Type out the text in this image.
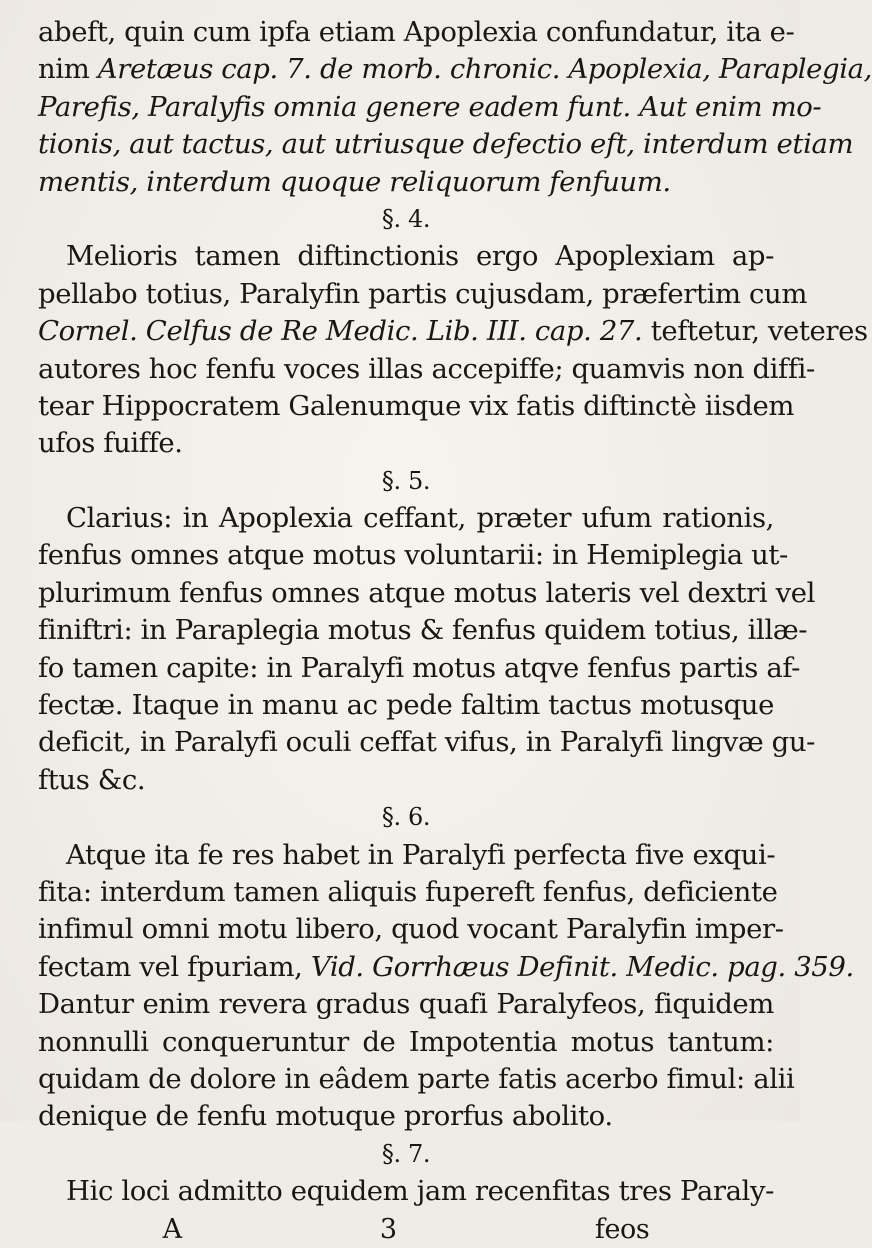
abeft, quin cum ipfa etiam Apoplexia confundatur, ita e-
nim Aretæus cap. 7. de morb. chronic. Apoplexia, Paraplegia,
Parefis, Paralyfis omnia genere eadem funt. Aut enim mo-
tionis, aut tactus, aut utriusque defectio eft, interdum etiam
mentis, interdum quoque reliquorum fenfuum.
§. 4.
Melioris tamen diftinctionis ergo Apoplexiam ap-
pellabo totius, Paralyfin partis cujusdam, præfertim cum
Cornel. Celfus de Re Medic. Lib. III. cap. 27. teftetur, veteres
autores hoc fenfu voces illas accepiffe; quamvis non diffi-
tear Hippocratem Galenumque vix fatis diftinctè iisdem
ufos fuiffe.
§. 5.
Clarius: in Apoplexia ceffant, præter ufum rationis,
fenfus omnes atque motus voluntarii: in Hemiplegia ut-
plurimum fenfus omnes atque motus lateris vel dextri vel
finiftri: in Paraplegia motus & fenfus quidem totius, illæ-
fo tamen capite: in Paralyfi motus atqve fenfus partis af-
fectæ. Itaque in manu ac pede faltim tactus motusque
deficit, in Paralyfi oculi ceffat vifus, in Paralyfi lingvæ gu-
ftus &c.
§. 6.
Atque ita fe res habet in Paralyfi perfecta five exqui-
fita: interdum tamen aliquis fupereft fenfus, deficiente
infimul omni motu libero, quod vocant Paralyfin imper-
fectam vel fpuriam, Vid. Gorrhæus Definit. Medic. pag. 359.
Dantur enim revera gradus quafi Paralyfeos, fiquidem
nonnulli conqueruntur de Impotentia motus tantum:
quidam de dolore in eâdem parte fatis acerbo fimul: alii
denique de fenfu motuque prorfus abolito.
§. 7.
Hic loci admitto equidem jam recenfitas tres Paraly-
A 3	feos
